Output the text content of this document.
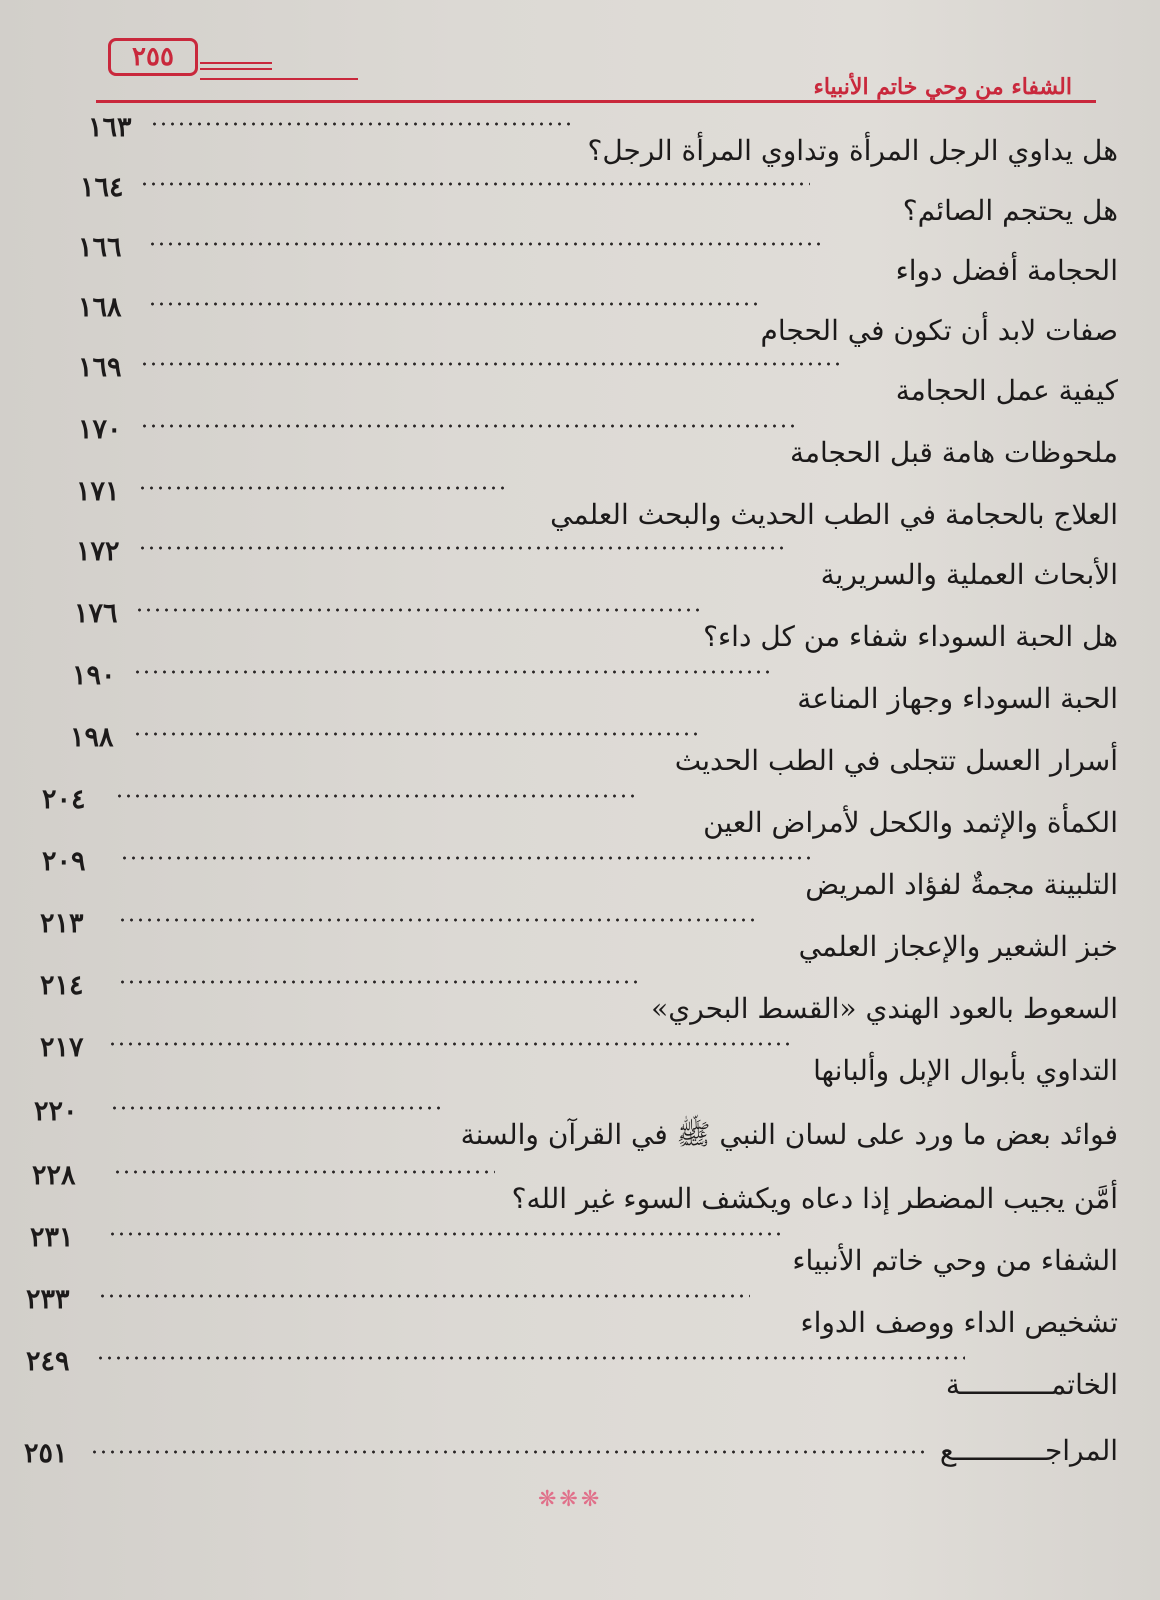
٢٥٥
الشفاء من وحي خاتم الأنبياء
١٦٣
هل يداوي الرجل المرأة وتداوي المرأة الرجل؟
١٦٤
هل يحتجم الصائم؟
١٦٦
الحجامة أفضل دواء
١٦٨
صفات لابد أن تكون في الحجام
١٦٩
كيفية عمل الحجامة
١٧٠
ملحوظات هامة قبل الحجامة
١٧١
العلاج بالحجامة في الطب الحديث والبحث العلمي
١٧٢
الأبحاث العملية والسريرية
١٧٦
هل الحبة السوداء شفاء من كل داء؟
١٩٠
الحبة السوداء وجهاز المناعة
١٩٨
أسرار العسل تتجلى في الطب الحديث
٢٠٤
الكمأة والإثمد والكحل لأمراض العين
٢٠٩
التلبينة مجمةٌ لفؤاد المريض
٢١٣
خبز الشعير والإعجاز العلمي
٢١٤
السعوط بالعود الهندي «القسط البحري»
٢١٧
التداوي بأبوال الإبل وألبانها
٢٢٠
فوائد بعض ما ورد على لسان النبي ﷺ في القرآن والسنة
٢٢٨
أمَّن يجيب المضطر إذا دعاه ويكشف السوء غير الله؟
٢٣١
الشفاء من وحي خاتم الأنبياء
٢٣٣
تشخيص الداء ووصف الدواء
٢٤٩
الخاتمـــــــــــة
٢٥١	المراجـــــــــــع
❋❋❋
